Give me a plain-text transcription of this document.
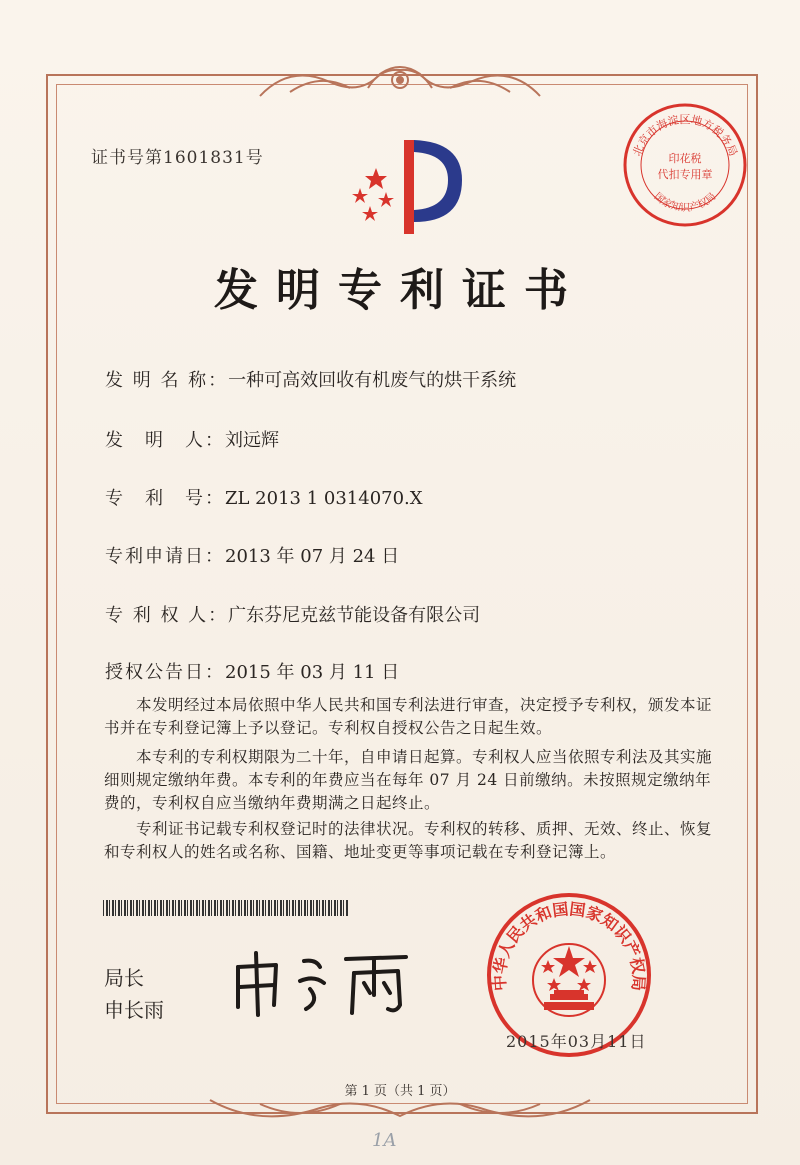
证书号第1601831号	北京市海淀区地方税务局
印花税
代扣专用章
国家知识产权局
发明专利证书
发 明 名 称：一种可高效回收有机废气的烘干系统
发　明　人：刘远辉
专　利　号：ZL 2013 1 0314070.X
专利申请日：2013 年 07 月 24 日
专 利 权 人：广东芬尼克兹节能设备有限公司
授权公告日：2015 年 03 月 11 日
本发明经过本局依照中华人民共和国专利法进行审查，决定授予专利权，颁发本证书并在专利登记簿上予以登记。专利权自授权公告之日起生效。
本专利的专利权期限为二十年，自申请日起算。专利权人应当依照专利法及其实施细则规定缴纳年费。本专利的年费应当在每年 07 月 24 日前缴纳。未按照规定缴纳年费的，专利权自应当缴纳年费期满之日起终止。
专利证书记载专利权登记时的法律状况。专利权的转移、质押、无效、终止、恢复和专利权人的姓名或名称、国籍、地址变更等事项记载在专利登记簿上。
局长
申长雨
中华人民共和国国家知识产权局
2015年03月11日
第 1 页（共 1 页）
1A
